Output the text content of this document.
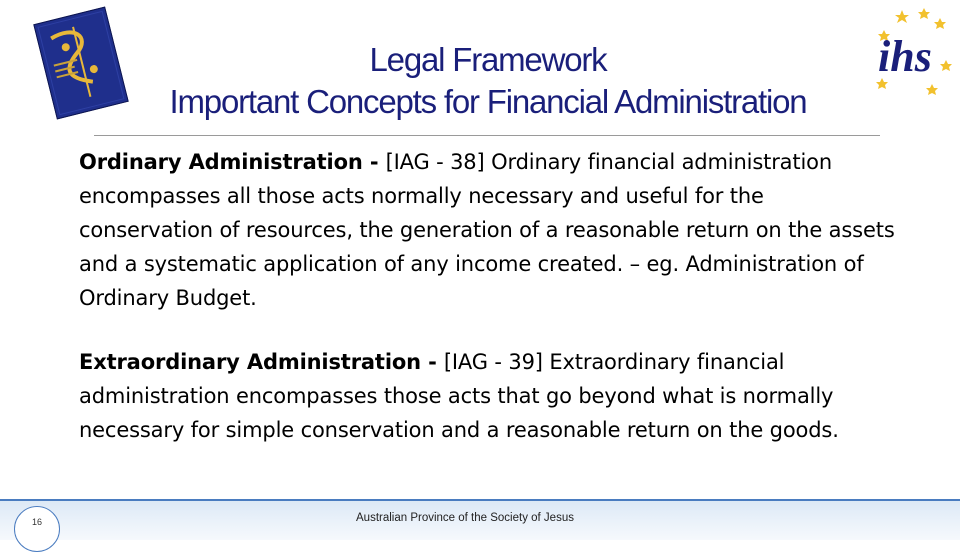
Legal Framework
Important Concepts for Financial Administration
ihs
Ordinary Administration - [IAG - 38] Ordinary financial administration encompasses all those acts normally necessary and useful for the conservation of resources, the generation of a reasonable return on the assets and a systematic application of any income created. – eg. Administration of Ordinary Budget.
Extraordinary Administration - [IAG - 39] Extraordinary financial administration encompasses those acts that go beyond what is normally necessary for simple conservation and a reasonable return on the goods.
16	Australian Province of the Society of Jesus
